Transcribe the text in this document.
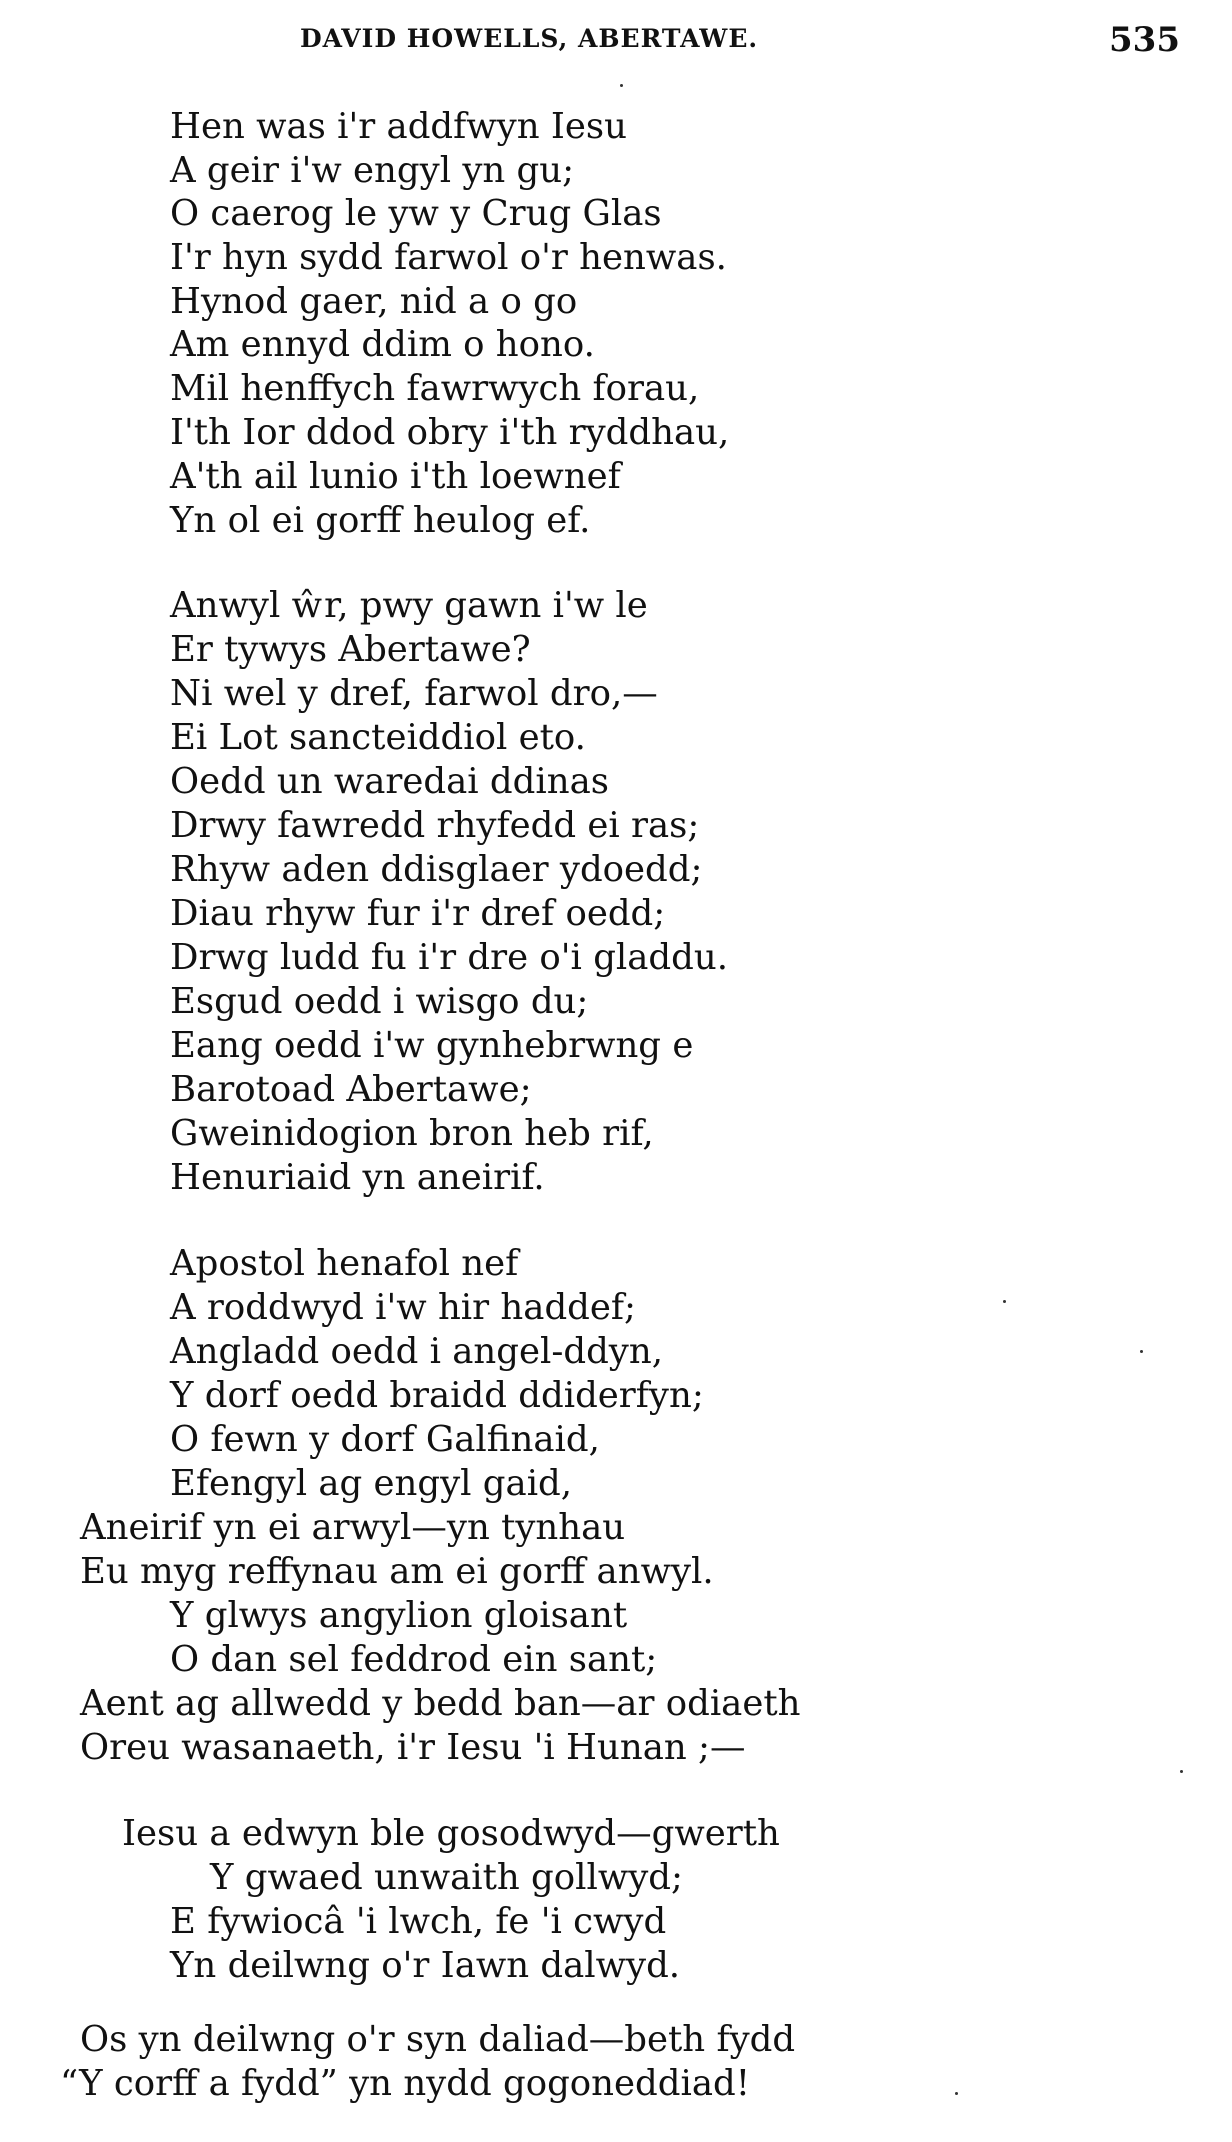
DAVID HOWELLS, ABERTAWE.	535
Hen was i'r addfwyn Iesu
A geir i'w engyl yn gu;
O caerog le yw y Crug Glas
I'r hyn sydd farwol o'r henwas.
Hynod gaer, nid a o go
Am ennyd ddim o hono.
Mil henffych fawrwych forau,
I'th Ior ddod obry i'th ryddhau,
A'th ail lunio i'th loewnef
Yn ol ei gorff heulog ef.
Anwyl ŵr, pwy gawn i'w le
Er tywys Abertawe?
Ni wel y dref, farwol dro,—
Ei Lot sancteiddiol eto.
Oedd un waredai ddinas
Drwy fawredd rhyfedd ei ras;
Rhyw aden ddisglaer ydoedd;
Diau rhyw fur i'r dref oedd;
Drwg ludd fu i'r dre o'i gladdu.
Esgud oedd i wisgo du;
Eang oedd i'w gynhebrwng e
Barotoad Abertawe;
Gweinidogion bron heb rif,
Henuriaid yn aneirif.
Apostol henafol nef
A roddwyd i'w hir haddef;
Angladd oedd i angel-ddyn,
Y dorf oedd braidd ddiderfyn;
O fewn y dorf Galfinaid,
Efengyl ag engyl gaid,
Aneirif yn ei arwyl—yn tynhau
Eu myg reffynau am ei gorff anwyl.
Y glwys angylion gloisant
O dan sel feddrod ein sant;
Aent ag allwedd y bedd ban—ar odiaeth
Oreu wasanaeth, i'r Iesu 'i Hunan ;—
Iesu a edwyn ble gosodwyd—gwerth
Y gwaed unwaith gollwyd;
E fywiocâ 'i lwch, fe 'i cwyd
Yn deilwng o'r Iawn dalwyd.
Os yn deilwng o'r syn daliad—beth fydd
“Y corff a fydd” yn nydd gogoneddiad!
